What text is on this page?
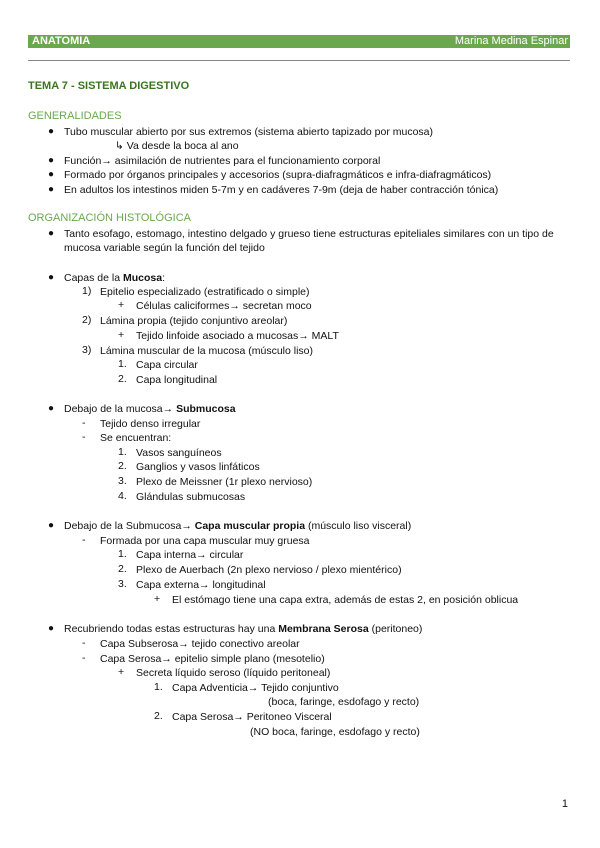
ANATOMIA	Marina Medina Espinar
TEMA 7 - SISTEMA DIGESTIVO
GENERALIDADES
● Tubo muscular abierto por sus extremos (sistema abierto tapizado por mucosa)
↳ Va desde la boca al ano
● Función→ asimilación de nutrientes para el funcionamiento corporal
● Formado por órganos principales y accesorios (supra-diafragmáticos e infra-diafragmáticos)
● En adultos los intestinos miden 5-7m y en cadáveres 7-9m (deja de haber contracción tónica)
ORGANIZACIÓN HISTOLÓGICA
● Tanto esofago, estomago, intestino delgado y grueso tiene estructuras epiteliales similares con un tipo de mucosa variable según la función del tejido
● Capas de la Mucosa:
1) Epitelio especializado (estratificado o simple)
+ Células caliciformes→ secretan moco
2) Lámina propia (tejido conjuntivo areolar)
+ Tejido linfoide asociado a mucosas→ MALT
3) Lámina muscular de la mucosa (músculo liso)
1. Capa circular
2. Capa longitudinal
● Debajo de la mucosa→ Submucosa
- Tejido denso irregular
- Se encuentran:
1. Vasos sanguíneos
2. Ganglios y vasos linfáticos
3. Plexo de Meissner (1r plexo nervioso)
4. Glándulas submucosas
● Debajo de la Submucosa→ Capa muscular propia (músculo liso visceral)
- Formada por una capa muscular muy gruesa
1. Capa interna→ circular
2. Plexo de Auerbach (2n plexo nervioso / plexo mientérico)
3. Capa externa→ longitudinal
+ El estómago tiene una capa extra, además de estas 2, en posición oblicua
● Recubriendo todas estas estructuras hay una Membrana Serosa (peritoneo)
- Capa Subserosa→ tejido conectivo areolar
- Capa Serosa→ epitelio simple plano (mesotelio)
+ Secreta líquido seroso (líquido peritoneal)
1. Capa Adventicia→ Tejido conjuntivo
(boca, faringe, esdofago y recto)
2. Capa Serosa→ Peritoneo Visceral
(NO boca, faringe, esdofago y recto)
1
